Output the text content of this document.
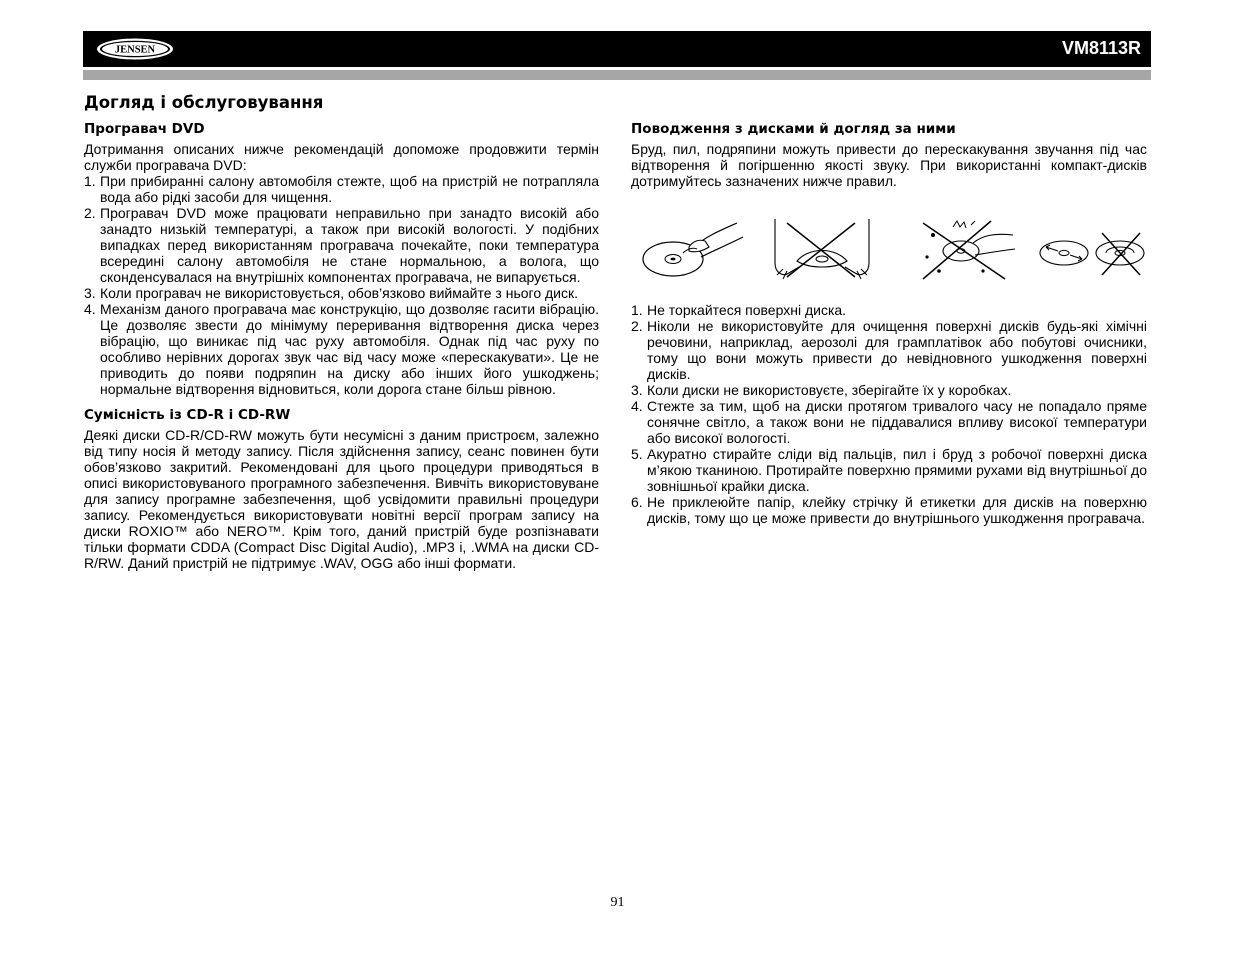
JENSEN	VM8113R
Догляд і обслуговування
Програвач DVD

Дотримання описаних нижче рекомендацій допоможе продовжити термін служби програвача DVD:

1. При прибиранні салону автомобіля стежте, щоб на пристрій не потрапляла вода або рідкі засоби для чищення.
2. Програвач DVD може працювати неправильно при занадто високій або занадто низькій температурі, а також при високій вологості. У подібних випадках перед використанням програвача почекайте, поки температура всередині салону автомобіля не стане нормальною, а волога, що сконденсувалася на внутрішніх компонентах програвача, не випарується.
3. Коли програвач не використовується, обов’язково виймайте з нього диск.
4. Механізм даного програвача має конструкцію, що дозволяє гасити вібрацію. Це дозволяє звести до мінімуму переривання відтворення диска через вібрацію, що виникає під час руху автомобіля. Однак під час руху по особливо нерівних дорогах звук час від часу може «перескакувати». Це не приводить до появи подряпин на диску або інших його ушкоджень; нормальне відтворення відновиться, коли дорога стане більш рівною.
Сумісність із CD-R і CD-RW

Деякі диски CD-R/CD-RW можуть бути несумісні з даним пристроєм, залежно від типу носія й методу запису. Після здійснення запису, сеанс повинен бути обов’язково закритий. Рекомендовані для цього процедури приводяться в описі використовуваного програмного забезпечення. Вивчіть використовуване для запису програмне забезпечення, щоб усвідомити правильні процедури запису. Рекомендується використовувати новітні версії програм запису на диски ROXIO™ або NERO™. Крім того, даний пристрій буде розпізнавати тільки формати CDDA (Compact Disc Digital Audio), .MP3 і, .WMA на диски CD-R/RW. Даний пристрій не підтримує .WAV, OGG або інші формати.

Поводження з дисками й догляд за ними

Бруд, пил, подряпини можуть привести до перескакування звучання під час відтворення й погіршенню якості звуку. При використанні компакт-дисків дотримуйтесь зазначених нижче правил.

1. Не торкайтеся поверхні диска.
2. Ніколи не використовуйте для очищення поверхні дисків будь-які хімічні речовини, наприклад, аерозолі для грамплатівок або побутові очисники, тому що вони можуть привести до невідновного ушкодження поверхні дисків.
3. Коли диски не використовуєте, зберігайте їх у коробках.
4. Стежте за тим, щоб на диски протягом тривалого часу не попадало пряме сонячне світло, а також вони не піддавалися впливу високої температури або високої вологості.
5. Акуратно стирайте сліди від пальців, пил і бруд з робочої поверхні диска м’якою тканиною. Протирайте поверхню прямими рухами від внутрішньої до зовнішньої крайки диска.
6. Не приклеюйте папір, клейку стрічку й етикетки для дисків на поверхню дисків, тому що це може привести до внутрішнього ушкодження програвача.
91
